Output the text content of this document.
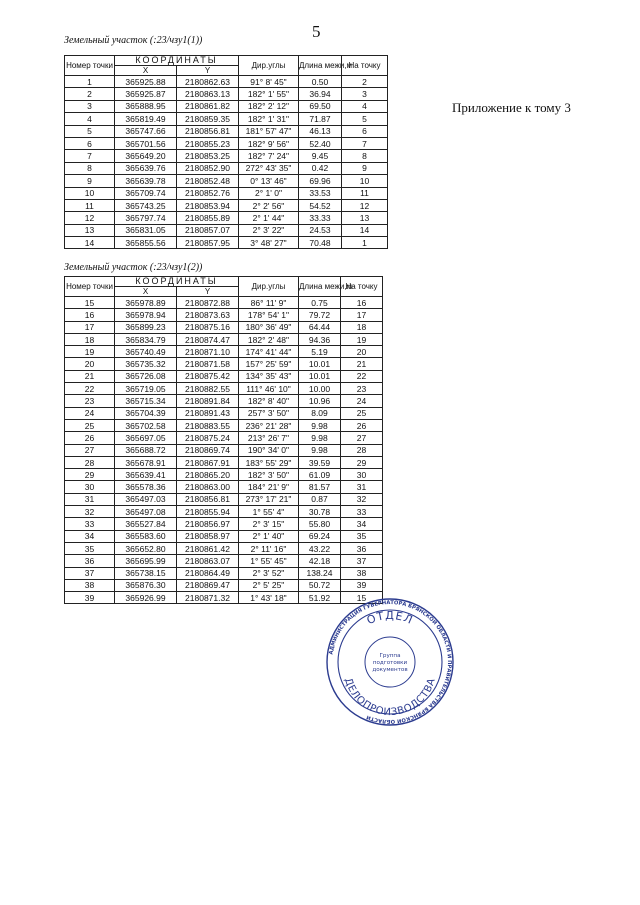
5
Приложение к тому 3
Земельный участок (:23/чзу1(1))
Номер точки	КООРДИНАТЫ		Дир.углы	Длина межи,м	На точку
	X	Y			
1	365925.88	2180862.63	91° 8' 45"	0.50	2
2	365925.87	2180863.13	182° 1' 55"	36.94	3
3	365888.95	2180861.82	182° 2' 12"	69.50	4
4	365819.49	2180859.35	182° 1' 31"	71.87	5
5	365747.66	2180856.81	181° 57' 47"	46.13	6
6	365701.56	2180855.23	182° 9' 56"	52.40	7
7	365649.20	2180853.25	182° 7' 24"	9.45	8
8	365639.76	2180852.90	272° 43' 35"	0.42	9
9	365639.78	2180852.48	0° 13' 46"	69.96	10
10	365709.74	2180852.76	2° 1' 0"	33.53	11
11	365743.25	2180853.94	2° 2' 56"	54.52	12
12	365797.74	2180855.89	2° 1' 44"	33.33	13
13	365831.05	2180857.07	2° 3' 22"	24.53	14
14	365855.56	2180857.95	3° 48' 27"	70.48	1
Земельный участок (:23/чзу1(2))
Номер точки	КООРДИНАТЫ		Дир.углы	Длина межи,м	На точку
	X	Y			
15	365978.89	2180872.88	86° 11' 9"	0.75	16
16	365978.94	2180873.63	178° 54' 1"	79.72	17
17	365899.23	2180875.16	180° 36' 49"	64.44	18
18	365834.79	2180874.47	182° 2' 48"	94.36	19
19	365740.49	2180871.10	174° 41' 44"	5.19	20
20	365735.32	2180871.58	157° 25' 59"	10.01	21
21	365726.08	2180875.42	134° 35' 43"	10.01	22
22	365719.05	2180882.55	111° 46' 10"	10.00	23
23	365715.34	2180891.84	182° 8' 40"	10.96	24
24	365704.39	2180891.43	257° 3' 50"	8.09	25
25	365702.58	2180883.55	236° 21' 28"	9.98	26
26	365697.05	2180875.24	213° 26' 7"	9.98	27
27	365688.72	2180869.74	190° 34' 0"	9.98	28
28	365678.91	2180867.91	183° 55' 29"	39.59	29
29	365639.41	2180865.20	182° 3' 50"	61.09	30
30	365578.36	2180863.00	184° 21' 9"	81.57	31
31	365497.03	2180856.81	273° 17' 21"	0.87	32
32	365497.08	2180855.94	1° 55' 4"	30.78	33
33	365527.84	2180856.97	2° 3' 15"	55.80	34
34	365583.60	2180858.97	2° 1' 40"	69.24	35
35	365652.80	2180861.42	2° 11' 16"	43.22	36
36	365695.99	2180863.07	1° 55' 45"	42.18	37
37	365738.15	2180864.49	2° 3' 52"	138.24	38
38	365876.30	2180869.47	2° 5' 25"	50.72	39
39	365926.99	2180871.32	1° 43' 18"	51.92	15
АДМИНИСТРАЦИЯ ГУБЕРНАТОРА БРЯНСКОЙ ОБЛАСТИ И ПРАВИТЕЛЬСТВА БРЯНСКОЙ ОБЛАСТИ
ОТДЕЛ
ДЕЛОПРОИЗВОДСТВА
Группа
подготовки
документов
